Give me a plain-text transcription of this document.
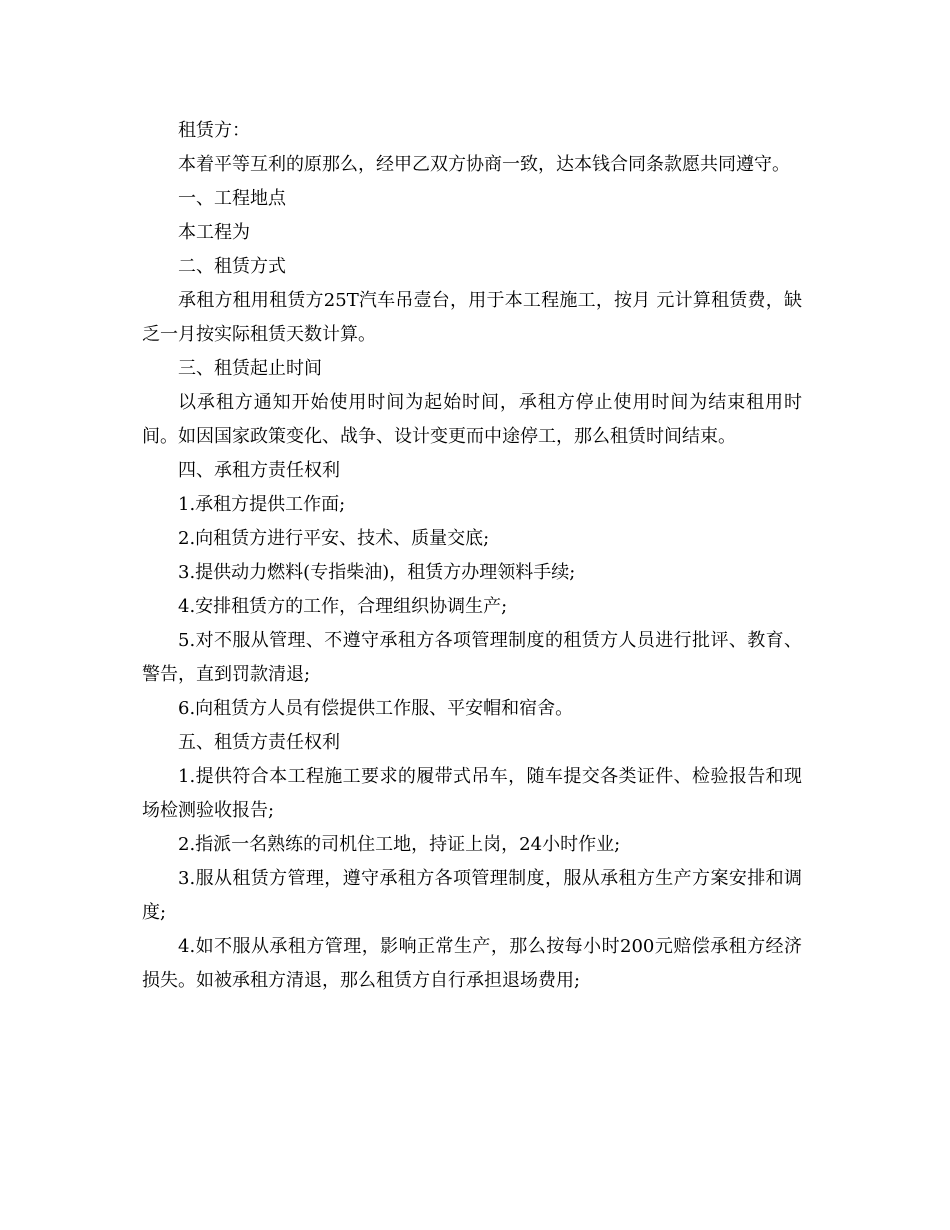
租赁方：

本着平等互利的原那么，经甲乙双方协商一致，达本钱合同条款愿共同遵守。

一、工程地点

本工程为

二、租赁方式

承租方租用租赁方25T汽车吊壹台，用于本工程施工，按月 元计算租赁费，缺乏一月按实际租赁天数计算。

三、租赁起止时间

以承租方通知开始使用时间为起始时间，承租方停止使用时间为结束租用时间。如因国家政策变化、战争、设计变更而中途停工，那么租赁时间结束。

四、承租方责任权利

1.承租方提供工作面;

2.向租赁方进行平安、技术、质量交底;

3.提供动力燃料(专指柴油)，租赁方办理领料手续;

4.安排租赁方的工作，合理组织协调生产;

5.对不服从管理、不遵守承租方各项管理制度的租赁方人员进行批评、教育、警告，直到罚款清退;

6.向租赁方人员有偿提供工作服、平安帽和宿舍。

五、租赁方责任权利

1.提供符合本工程施工要求的履带式吊车，随车提交各类证件、检验报告和现场检测验收报告;

2.指派一名熟练的司机住工地，持证上岗，24小时作业;

3.服从租赁方管理，遵守承租方各项管理制度，服从承租方生产方案安排和调度;

4.如不服从承租方管理，影响正常生产，那么按每小时200元赔偿承租方经济损失。如被承租方清退，那么租赁方自行承担退场费用;
